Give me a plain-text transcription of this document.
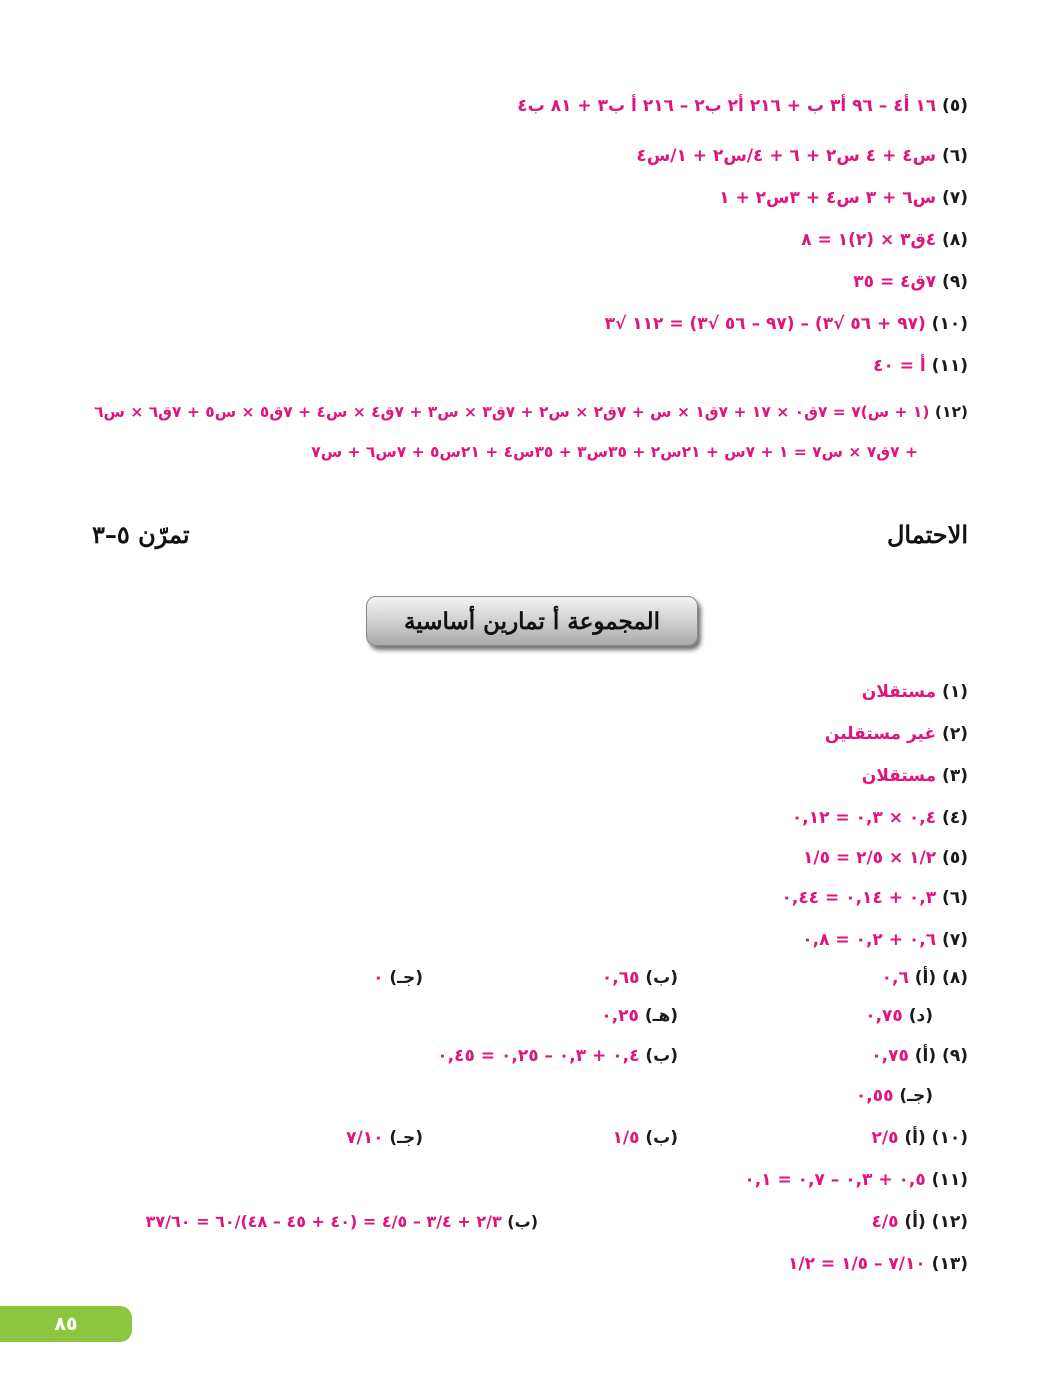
(٥) ١٦ أ٤ – ٩٦ أ٣ ب + ٢١٦ أ٢ ب٢ – ٢١٦ أ ب٣ + ٨١ ب٤
(٦) س٤ + ٤ س٢ + ٦ + ٤/س٢ + ١/س٤
(٧) س٦ + ٣ س٤ + ٣س٢ + ١
(٨) ٤ق٣ × (٢)١ = ٨
(٩) ٧ق٤ = ٣٥
(١٠) (٩٧ + ٥٦ √٣) – (٩٧ – ٥٦ √٣) = ١١٢ √٣
(١١) أ = ٤٠
(١٢) (١ + س)٧ = ٧ق٠ × ١٧ + ٧ق١ × س + ٧ق٢ × س٢ + ٧ق٣ × س٣ + ٧ق٤ × س٤ + ٧ق٥ × س٥ + ٧ق٦ × س٦
+ ٧ق٧ × س٧ = ١ + ٧س + ٢١س٢ + ٣٥س٣ + ٣٥س٤ + ٢١س٥ + ٧س٦ + س٧
الاحتمال
تمرّن ٥–٣
المجموعة أ تمارين أساسية
(١) مستقلان
(٢) غير مستقلين
(٣) مستقلان
(٤) ٠,٤ × ٠,٣ = ٠,١٢
(٥) ١/٢ × ٢/٥ = ١/٥
(٦) ٠,٣ + ٠,١٤ = ٠,٤٤
(٧) ٠,٦ + ٠,٢ = ٠,٨
(٨) (أ) ٠,٦
(ب) ٠,٦٥
(جـ) ٠
(د) ٠,٧٥
(هـ) ٠,٢٥
(٩) (أ) ٠,٧٥
(ب) ٠,٤ + ٠,٣ – ٠,٢٥ = ٠,٤٥
(جـ) ٠,٥٥
(١٠) (أ) ٢/٥
(ب) ١/٥
(جـ) ٧/١٠
(١١) ٠,٥ + ٠,٣ – ٠,٧ = ٠,١
(١٢) (أ) ٤/٥
(ب) ٢/٣ + ٣/٤ – ٤/٥ = (٤٠ + ٤٥ – ٤٨)/٦٠ = ٣٧/٦٠
(١٣) ٧/١٠ – ١/٥ = ١/٢
٨٥
